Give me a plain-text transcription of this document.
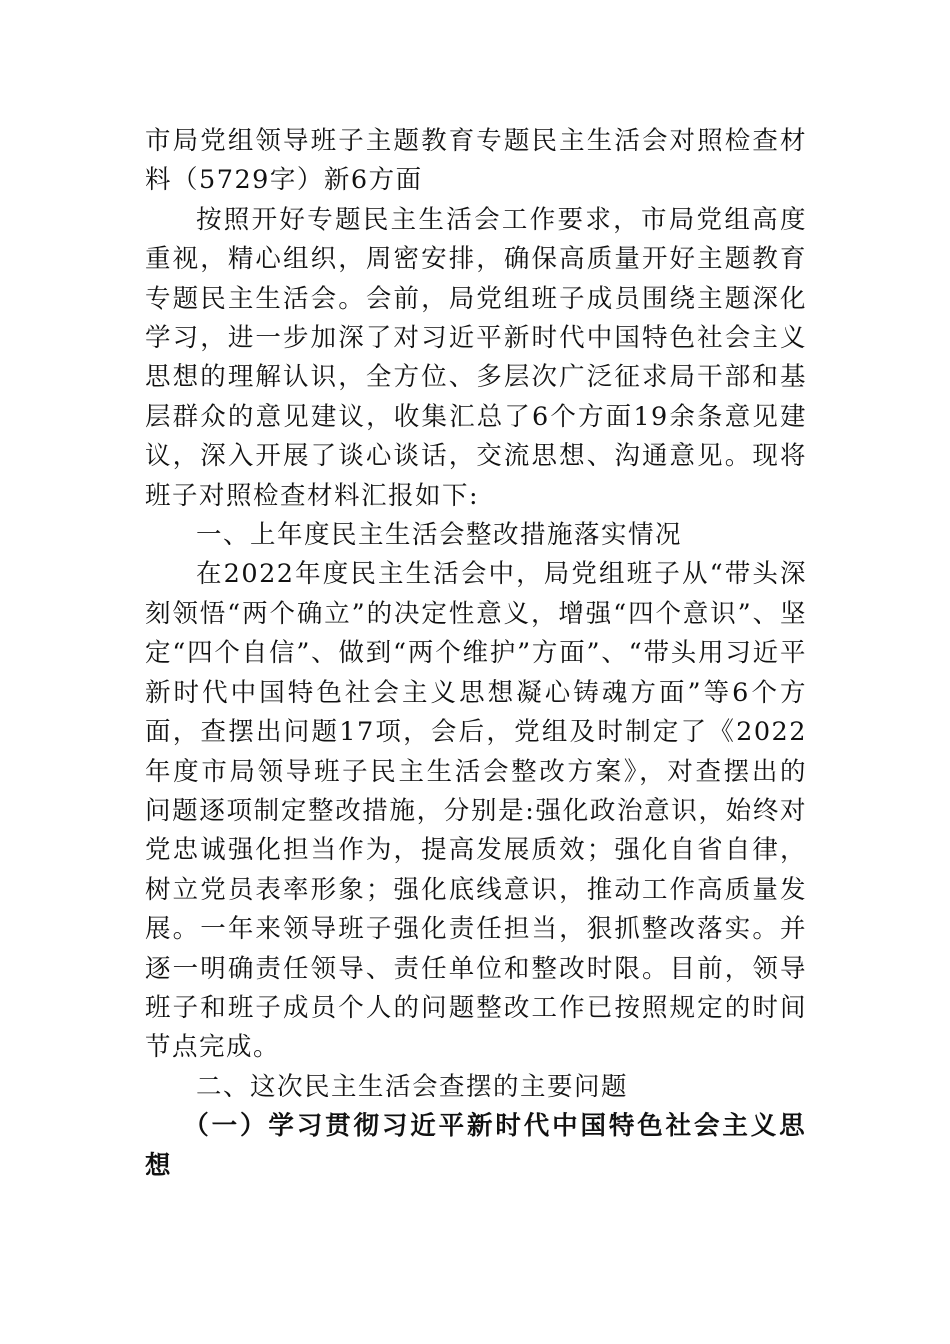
市局党组领导班子主题教育专题民主生活会对照检查材料（5729字）新6方面

按照开好专题民主生活会工作要求，市局党组高度重视，精心组织，周密安排，确保高质量开好主题教育专题民主生活会。会前，局党组班子成员围绕主题深化学习，进一步加深了对习近平新时代中国特色社会主义思想的理解认识，全方位、多层次广泛征求局干部和基层群众的意见建议，收集汇总了6个方面19余条意见建议，深入开展了谈心谈话，交流思想、沟通意见。现将班子对照检查材料汇报如下:

一、上年度民主生活会整改措施落实情况

在2022年度民主生活会中，局党组班子从“带头深刻领悟“两个确立”的决定性意义，增强“四个意识”、坚定“四个自信”、做到“两个维护”方面”、“带头用习近平新时代中国特色社会主义思想凝心铸魂方面”等6个方面，查摆出问题17项，会后，党组及时制定了《2022年度市局领导班子民主生活会整改方案》，对查摆出的问题逐项制定整改措施，分别是:强化政治意识，始终对党忠诚强化担当作为，提高发展质效；强化自省自律，树立党员表率形象；强化底线意识，推动工作高质量发展。一年来领导班子强化责任担当，狠抓整改落实。并逐一明确责任领导、责任单位和整改时限。目前，领导班子和班子成员个人的问题整改工作已按照规定的时间节点完成。

二、这次民主生活会查摆的主要问题

（一）学习贯彻习近平新时代中国特色社会主义思想
